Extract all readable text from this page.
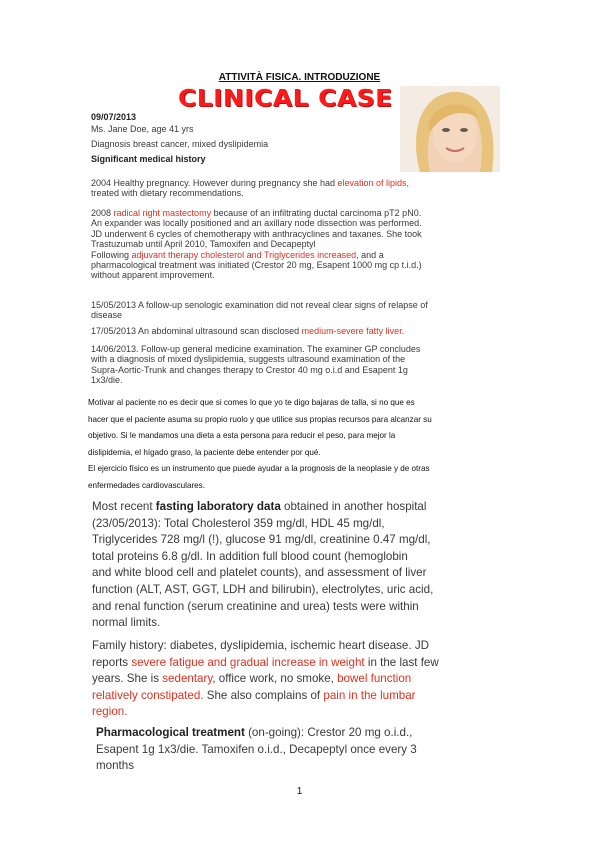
ATTIVITÀ FISICA. INTRODUZIONE
CLINICAL CASE
09/07/2013
Ms. Jane Doe, age 41 yrs
Diagnosis breast cancer, mixed dyslipidemia
Significant medical history
2004 Healthy pregnancy. However during pregnancy she had elevation of lipids,
treated with dietary recommendations.
2008 radical right mastectomy because of an infiltrating ductal carcinoma pT2 pN0.
An expander was locally positioned and an axillary node dissection was performed.
JD underwent 6 cycles of chemotherapy with anthracyclines and taxanes. She took
Trastuzumab until April 2010, Tamoxifen and Decapeptyl
Following adjuvant therapy cholesterol and Triglycerides increased, and a
pharmacological treatment was initiated (Crestor 20 mg, Esapent 1000 mg cp t.i.d.)
without apparent improvement.
15/05/2013 A follow-up senologic examination did not reveal clear signs of relapse of
disease
17/05/2013 An abdominal ultrasound scan disclosed medium-severe fatty liver.
14/06/2013. Follow-up general medicine examination. The examiner GP concludes
with a diagnosis of mixed dyslipidemia, suggests ultrasound examination of the
Supra-Aortic-Trunk and changes therapy to Crestor 40 mg o.i.d and Esapent 1g
1x3/die.
Motivar al paciente no es decir que si comes lo que yo te digo bajaras de talla, si no que es
hacer que el paciente asuma su propio ruolo y que utilice sus propias recursos para alcanzar su
objetivo. Si le mandamos una dieta a esta persona para reducir el peso, para mejor la
dislipidemia, el hígado graso, la paciente debe entender por qué.
El ejercicio físico es un instrumento que puede ayudar a la prognosis de la neoplasie y de otras
enfermedades cardiovasculares.
Most recent fasting laboratory data obtained in another hospital
(23/05/2013): Total Cholesterol 359 mg/dl, HDL 45 mg/dl,
Triglycerides 728 mg/l (!), glucose 91 mg/dl, creatinine 0.47 mg/dl,
total proteins 6.8 g/dl. In addition full blood count (hemoglobin
and white blood cell and platelet counts), and assessment of liver
function (ALT, AST, GGT, LDH and bilirubin), electrolytes, uric acid,
and renal function (serum creatinine and urea) tests were within
normal limits.
Family history: diabetes, dyslipidemia, ischemic heart disease. JD
reports severe fatigue and gradual increase in weight in the last few
years. She is sedentary, office work, no smoke, bowel function
relatively constipated. She also complains of pain in the lumbar
region.
Pharmacological treatment (on-going): Crestor 20 mg o.i.d.,
Esapent 1g 1x3/die. Tamoxifen o.i.d., Decapeptyl once every 3
months
1
